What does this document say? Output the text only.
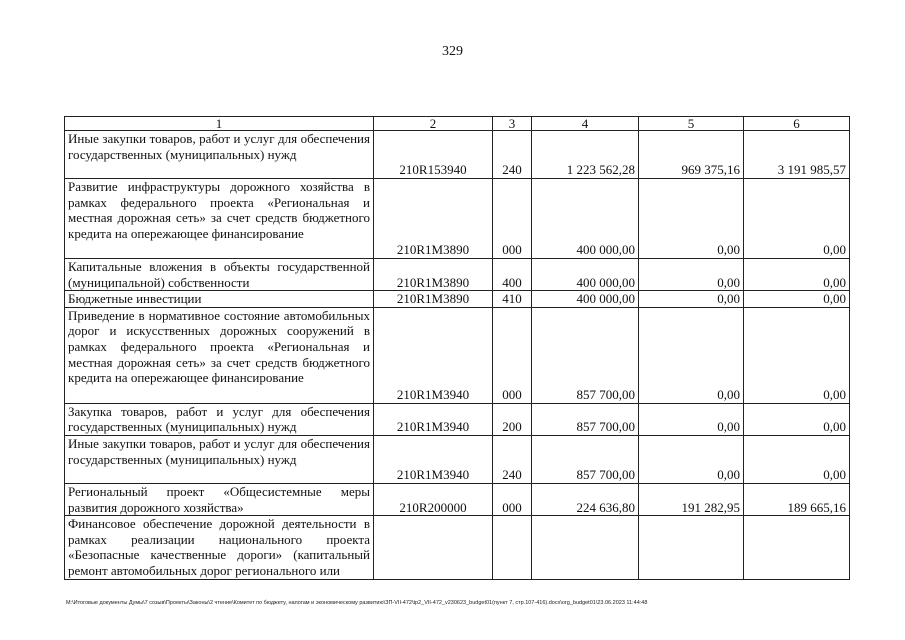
329
1	2	3	4	5	6
Иные закупки товаров, работ и услуг для обеспечения государственных (муниципальных) нужд	210R153940	240	1 223 562,28	969 375,16	3 191 985,57
Развитие инфраструктуры дорожного хозяйства в рамках федерального проекта «Региональная и местная дорожная сеть» за счет средств бюджетного кредита на опережающее финансирование	210R1M3890	000	400 000,00	0,00	0,00
Капитальные вложения в объекты государственной (муниципальной) собственности	210R1M3890	400	400 000,00	0,00	0,00
Бюджетные инвестиции	210R1M3890	410	400 000,00	0,00	0,00
Приведение в нормативное состояние автомобильных дорог и искусственных дорожных сооружений в рамках федерального проекта «Региональная и местная дорожная сеть» за счет средств бюджетного кредита на опережающее финансирование	210R1M3940	000	857 700,00	0,00	0,00
Закупка товаров, работ и услуг для обеспечения государственных (муниципальных) нужд	210R1M3940	200	857 700,00	0,00	0,00
Иные закупки товаров, работ и услуг для обеспечения государственных (муниципальных) нужд	210R1M3940	240	857 700,00	0,00	0,00
Региональный проект «Общесистемные меры развития дорожного хозяйства»	210R200000	000	224 636,80	191 282,95	189 665,16
Финансовое обеспечение дорожной деятельности в рамках реализации национального проекта «Безопасные качественные дороги» (капитальный ремонт автомобильных дорог регионального или					
M:\Итоговые документы Думы\7 созыв\Проекты\Законы\2 чтение\Комитет по бюджету, налогам и экономическому развитию\ЗП-VII-472\tp2_VII-472_v230623_budget01(пункт 7, стр.107-416).docx\org_budget01\23.06.2023 11:44:48
